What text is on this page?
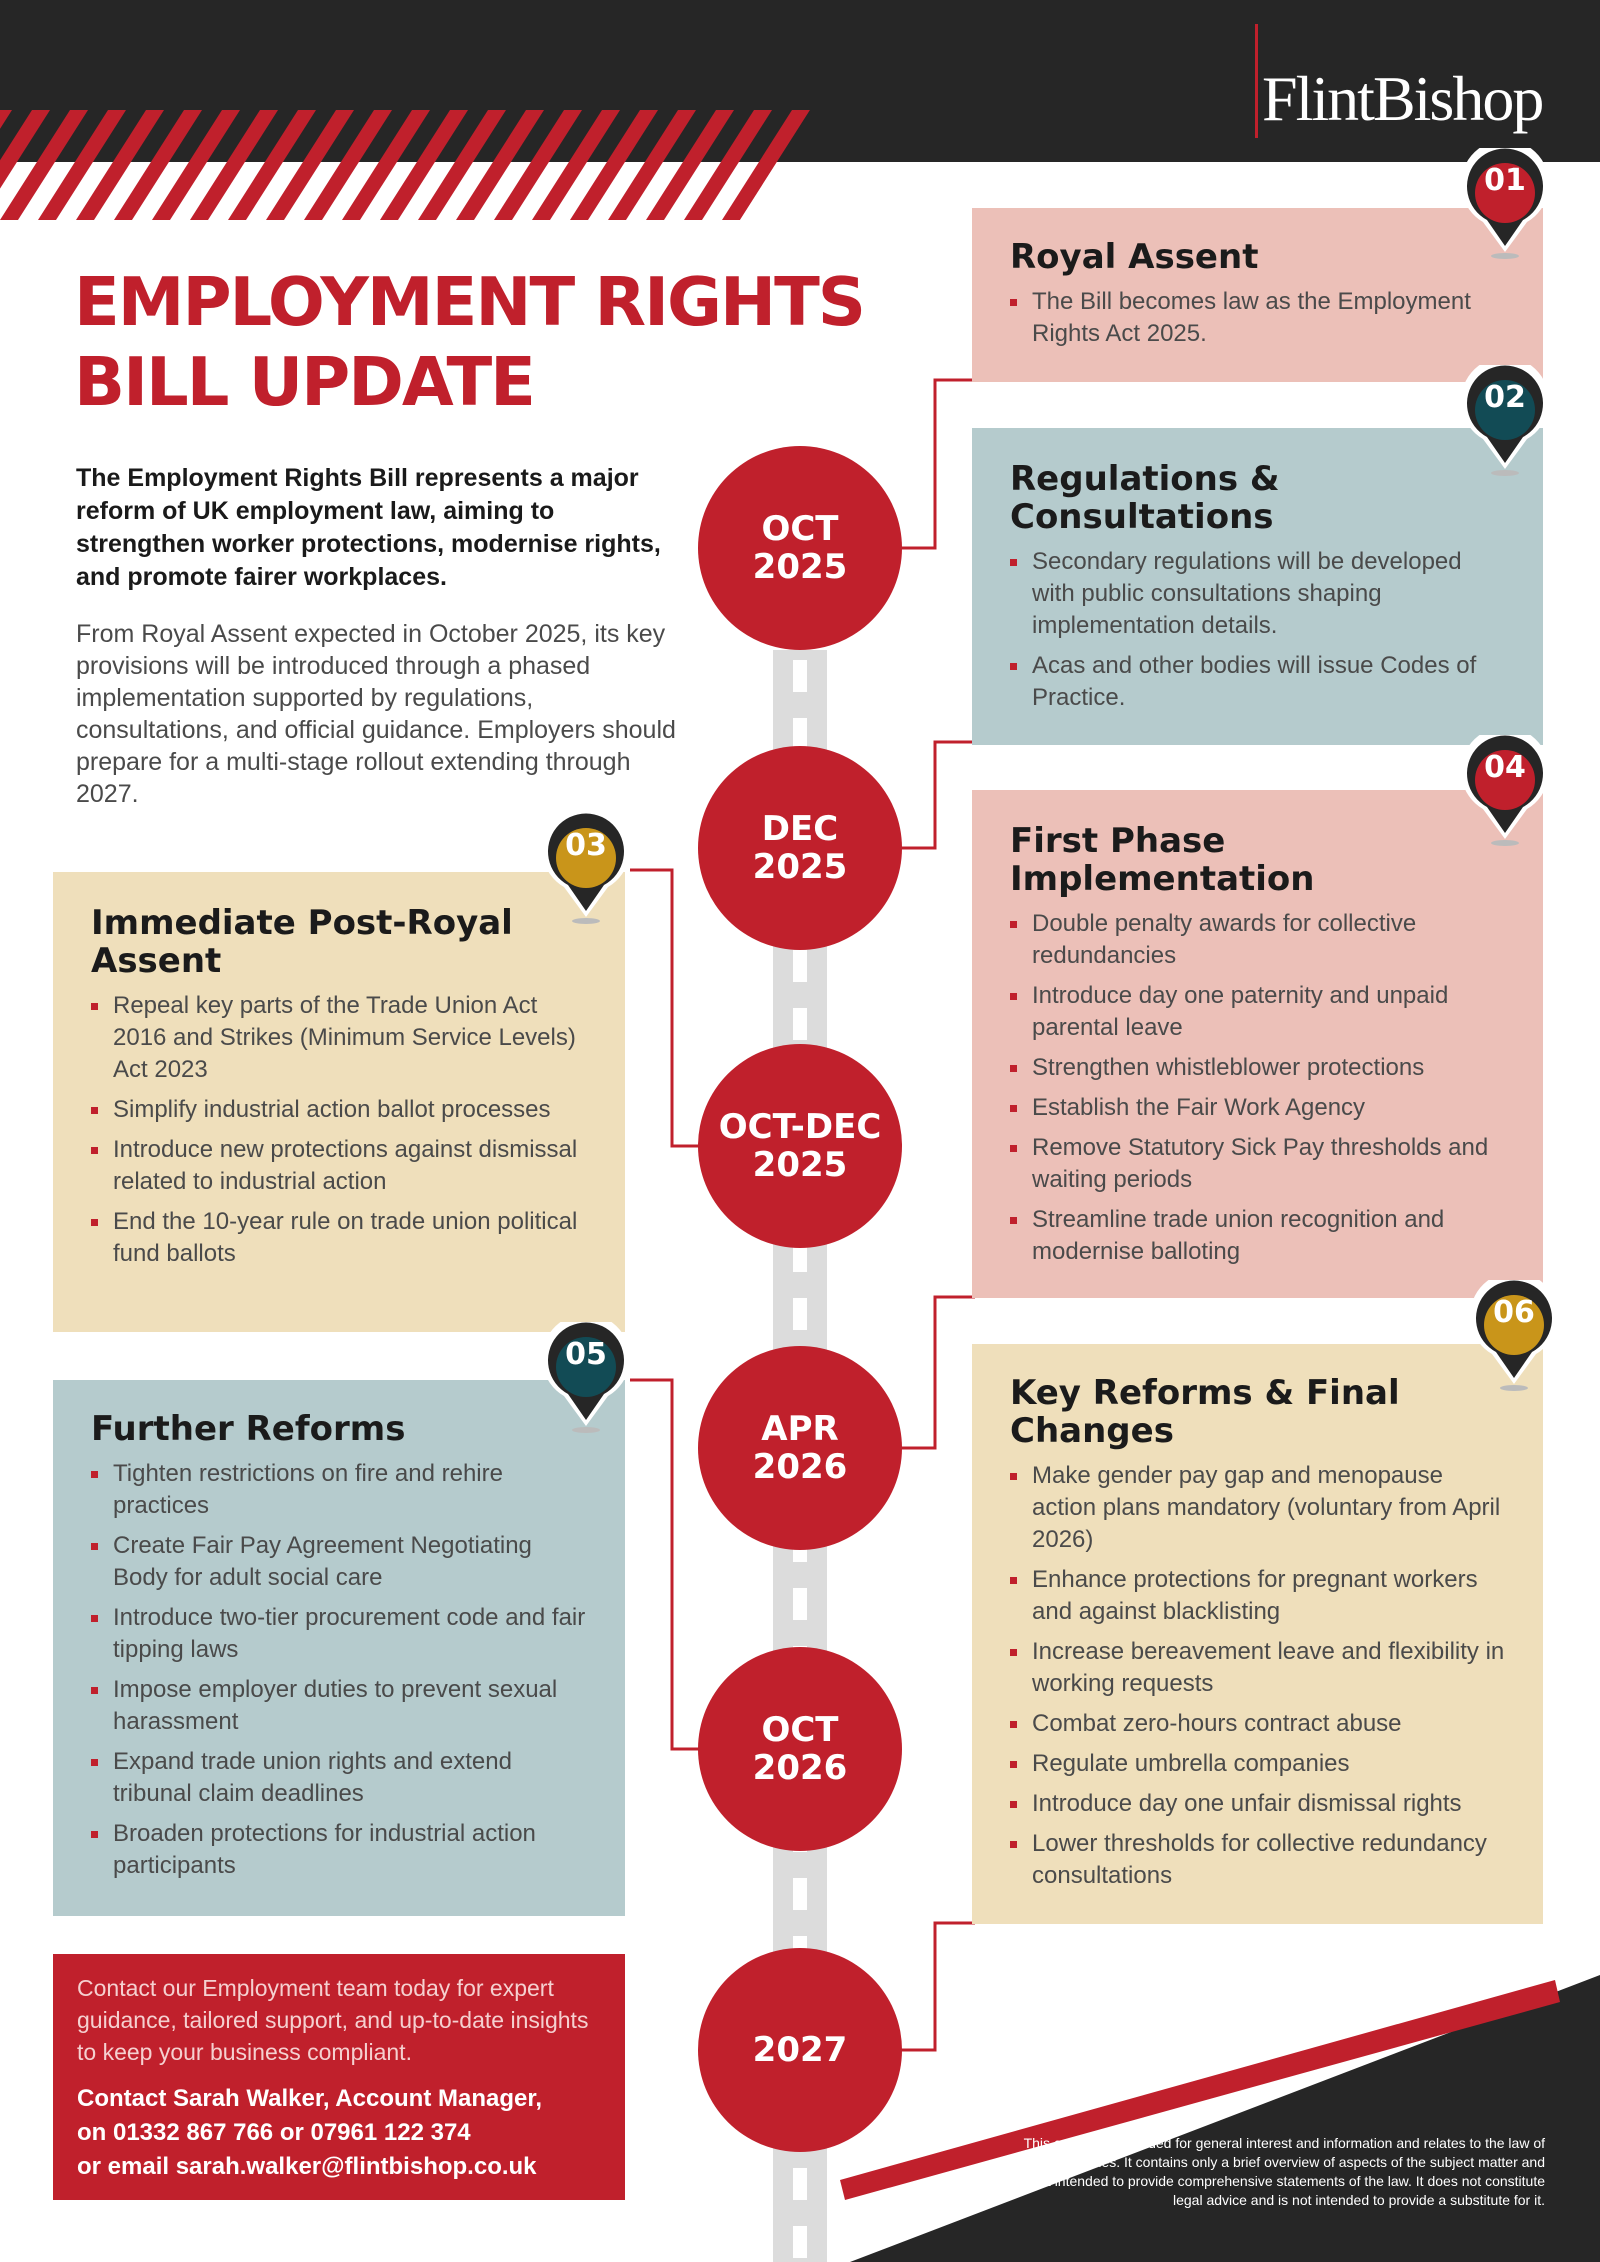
FlintBishop
EMPLOYMENT RIGHTS
BILL UPDATE

The Employment Rights Bill represents a major reform of UK employment law, aiming to strengthen worker protections, modernise rights, and promote fairer workplaces.

From Royal Assent expected in October 2025, its key provisions will be introduced through a phased implementation supported by regulations, consultations, and official guidance. Employers should prepare for a multi-stage rollout extending through 2027.

Royal Assent
The Bill becomes law as the Employment Rights Act 2025.
Regulations & Consultations
Secondary regulations will be developed with public consultations shaping implementation details.
Acas and other bodies will issue Codes of Practice.
Immediate Post-Royal Assent
Repeal key parts of the Trade Union Act 2016 and Strikes (Minimum Service Levels) Act 2023
Simplify industrial action ballot processes
Introduce new protections against dismissal related to industrial action
End the 10-year rule on trade union political fund ballots
First Phase Implementation
Double penalty awards for collective redundancies
Introduce day one paternity and unpaid parental leave
Strengthen whistleblower protections
Establish the Fair Work Agency
Remove Statutory Sick Pay thresholds and waiting periods
Streamline trade union recognition and modernise balloting
Further Reforms
Tighten restrictions on fire and rehire practices
Create Fair Pay Agreement Negotiating Body for adult social care
Introduce two-tier procurement code and fair tipping laws
Impose employer duties to prevent sexual harassment
Expand trade union rights and extend tribunal claim deadlines
Broaden protections for industrial action participants
Key Reforms & Final Changes
Make gender pay gap and menopause action plans mandatory (voluntary from April 2026)
Enhance protections for pregnant workers and against blacklisting
Increase bereavement leave and flexibility in working requests
Combat zero-hours contract abuse
Regulate umbrella companies
Introduce day one unfair dismissal rights
Lower thresholds for collective redundancy consultations
01
02
03
04
05
06
OCT
2025
DEC
2025
OCT-DEC
2025
APR
2026
OCT
2026
2027

Contact our Employment team today for expert guidance, tailored support, and up-to-date insights to keep your business compliant.

Contact Sarah Walker, Account Manager,
on 01332 867 766 or 07961 122 374
or email sarah.walker@flintbishop.co.uk

This content is provided for general interest and information and relates to the law of England & Wales. It contains only a brief overview of aspects of the subject matter and is not intended to provide comprehensive statements of the law. It does not constitute legal advice and is not intended to provide a substitute for it.
